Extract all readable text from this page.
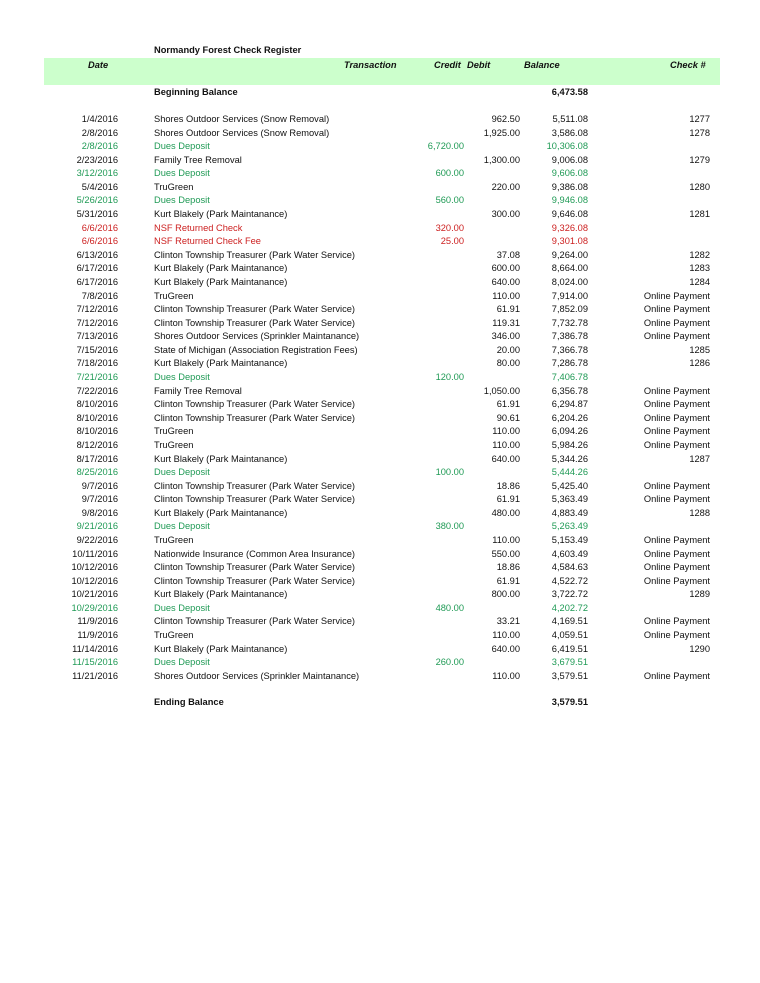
Normandy Forest Check Register
Date	Transaction	Credit Debit	Balance	Check #
Beginning Balance	6,473.58
1/4/2016	Shores Outdoor Services (Snow Removal)	962.50	5,511.08	1277
2/8/2016	Shores Outdoor Services (Snow Removal)	1,925.00	3,586.08	1278
2/8/2016	Dues Deposit	6,720.00	10,306.08
2/23/2016	Family Tree Removal	1,300.00	9,006.08	1279
3/12/2016	Dues Deposit	600.00	9,606.08
5/4/2016	TruGreen	220.00	9,386.08	1280
5/26/2016	Dues Deposit	560.00	9,946.08
5/31/2016	Kurt Blakely (Park Maintanance)	300.00	9,646.08	1281
6/6/2016	NSF Returned Check	320.00	9,326.08
6/6/2016	NSF Returned Check Fee	25.00	9,301.08
6/13/2016	Clinton Township Treasurer (Park Water Service)	37.08	9,264.00	1282
6/17/2016	Kurt Blakely (Park Maintanance)	600.00	8,664.00	1283
6/17/2016	Kurt Blakely (Park Maintanance)	640.00	8,024.00	1284
7/8/2016	TruGreen	110.00	7,914.00	Online Payment
7/12/2016	Clinton Township Treasurer (Park Water Service)	61.91	7,852.09	Online Payment
7/12/2016	Clinton Township Treasurer (Park Water Service)	119.31	7,732.78	Online Payment
7/13/2016	Shores Outdoor Services (Sprinkler Maintanance)	346.00	7,386.78	Online Payment
7/15/2016	State of Michigan (Association Registration Fees)	20.00	7,366.78	1285
7/18/2016	Kurt Blakely (Park Maintanance)	80.00	7,286.78	1286
7/21/2016	Dues Deposit	120.00	7,406.78
7/22/2016	Family Tree Removal	1,050.00	6,356.78	Online Payment
8/10/2016	Clinton Township Treasurer (Park Water Service)	61.91	6,294.87	Online Payment
8/10/2016	Clinton Township Treasurer (Park Water Service)	90.61	6,204.26	Online Payment
8/10/2016	TruGreen	110.00	6,094.26	Online Payment
8/12/2016	TruGreen	110.00	5,984.26	Online Payment
8/17/2016	Kurt Blakely (Park Maintanance)	640.00	5,344.26	1287
8/25/2016	Dues Deposit	100.00	5,444.26
9/7/2016	Clinton Township Treasurer (Park Water Service)	18.86	5,425.40	Online Payment
9/7/2016	Clinton Township Treasurer (Park Water Service)	61.91	5,363.49	Online Payment
9/8/2016	Kurt Blakely (Park Maintanance)	480.00	4,883.49	1288
9/21/2016	Dues Deposit	380.00	5,263.49
9/22/2016	TruGreen	110.00	5,153.49	Online Payment
10/11/2016	Nationwide Insurance (Common Area Insurance)	550.00	4,603.49	Online Payment
10/12/2016	Clinton Township Treasurer (Park Water Service)	18.86	4,584.63	Online Payment
10/12/2016	Clinton Township Treasurer (Park Water Service)	61.91	4,522.72	Online Payment
10/21/2016	Kurt Blakely (Park Maintanance)	800.00	3,722.72	1289
10/29/2016	Dues Deposit	480.00	4,202.72
11/9/2016	Clinton Township Treasurer (Park Water Service)	33.21	4,169.51	Online Payment
11/9/2016	TruGreen	110.00	4,059.51	Online Payment
11/14/2016	Kurt Blakely (Park Maintanance)	640.00	6,419.51	1290
11/15/2016	Dues Deposit	260.00	3,679.51
11/21/2016	Shores Outdoor Services (Sprinkler Maintanance)	110.00	3,579.51	Online Payment
Ending Balance	3,579.51
